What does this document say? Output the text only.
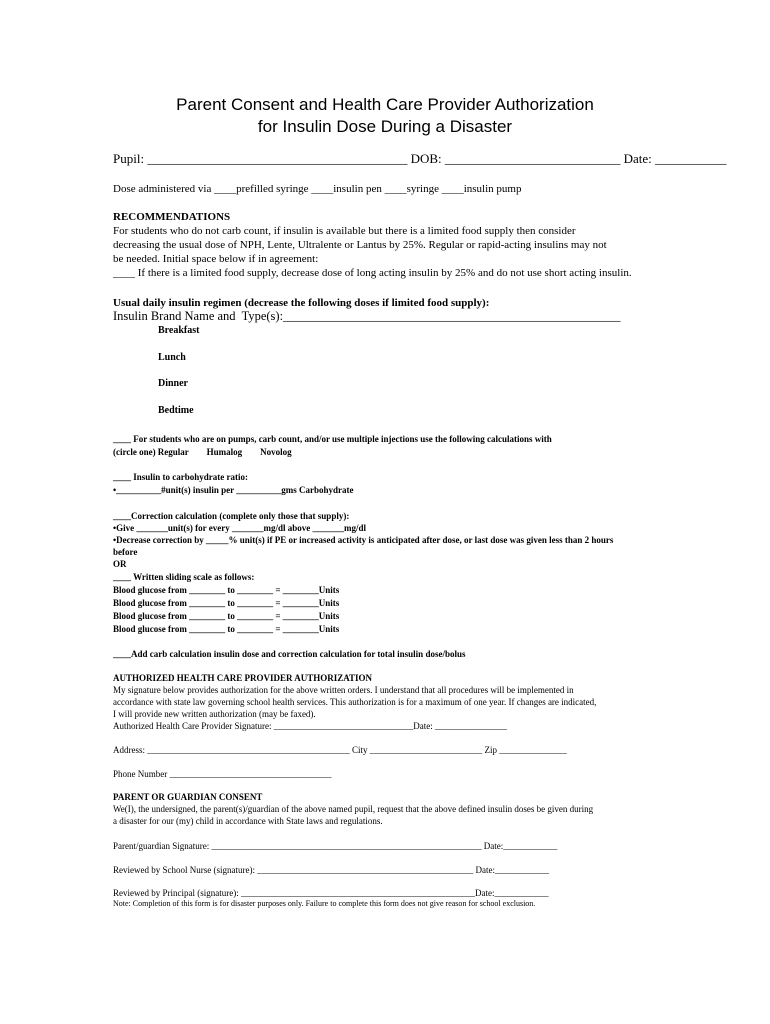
Parent Consent and Health Care Provider Authorization
for Insulin Dose During a Disaster
Pupil: ________________________________________ DOB: ___________________________ Date: ___________
Dose administered via ____prefilled syringe ____insulin pen ____syringe ____insulin pump
RECOMMENDATIONS
For students who do not carb count, if insulin is available but there is a limited food supply then consider
decreasing the usual dose of NPH, Lente, Ultralente or Lantus by 25%. Regular or rapid-acting insulins may not
be needed. Initial space below if in agreement:
____ If there is a limited food supply, decrease dose of long acting insulin by 25% and do not use short acting insulin.
Usual daily insulin regimen (decrease the following doses if limited food supply):
Insulin Brand Name and  Type(s):______________________________________________________
Breakfast
Lunch
Dinner
Bedtime
____ For students who are on pumps, carb count, and/or use multiple injections use the following calculations with
(circle one) Regular        Humalog        Novolog
____ Insulin to carbohydrate ratio:
•__________#unit(s) insulin per __________gms Carbohydrate
____Correction calculation (complete only those that supply):
•Give _______unit(s) for every _______mg/dl above _______mg/dl
•Decrease correction by _____% unit(s) if PE or increased activity is anticipated after dose, or last dose was given less than 2 hours
before
OR
____ Written sliding scale as follows:
Blood glucose from ________ to ________ = ________Units
Blood glucose from ________ to ________ = ________Units
Blood glucose from ________ to ________ = ________Units
Blood glucose from ________ to ________ = ________Units
____Add carb calculation insulin dose and correction calculation for total insulin dose/bolus
AUTHORIZED HEALTH CARE PROVIDER AUTHORIZATION
My signature below provides authorization for the above written orders. I understand that all procedures will be implemented in
accordance with state law governing school health services. This authorization is for a maximum of one year. If changes are indicated,
I will provide new written authorization (may be faxed).
Authorized Health Care Provider Signature: _______________________________Date: ________________
Address: _____________________________________________ City _________________________ Zip _______________
Phone Number ____________________________________
PARENT OR GUARDIAN CONSENT
We(I), the undersigned, the parent(s)/guardian of the above named pupil, request that the above defined insulin doses be given during
a disaster for our (my) child in accordance with State laws and regulations.
Parent/guardian Signature: ____________________________________________________________ Date:____________
Reviewed by School Nurse (signature): ________________________________________________ Date:____________
Reviewed by Principal (signature): ____________________________________________________Date:____________
Note: Completion of this form is for disaster purposes only. Failure to complete this form does not give reason for school exclusion.
